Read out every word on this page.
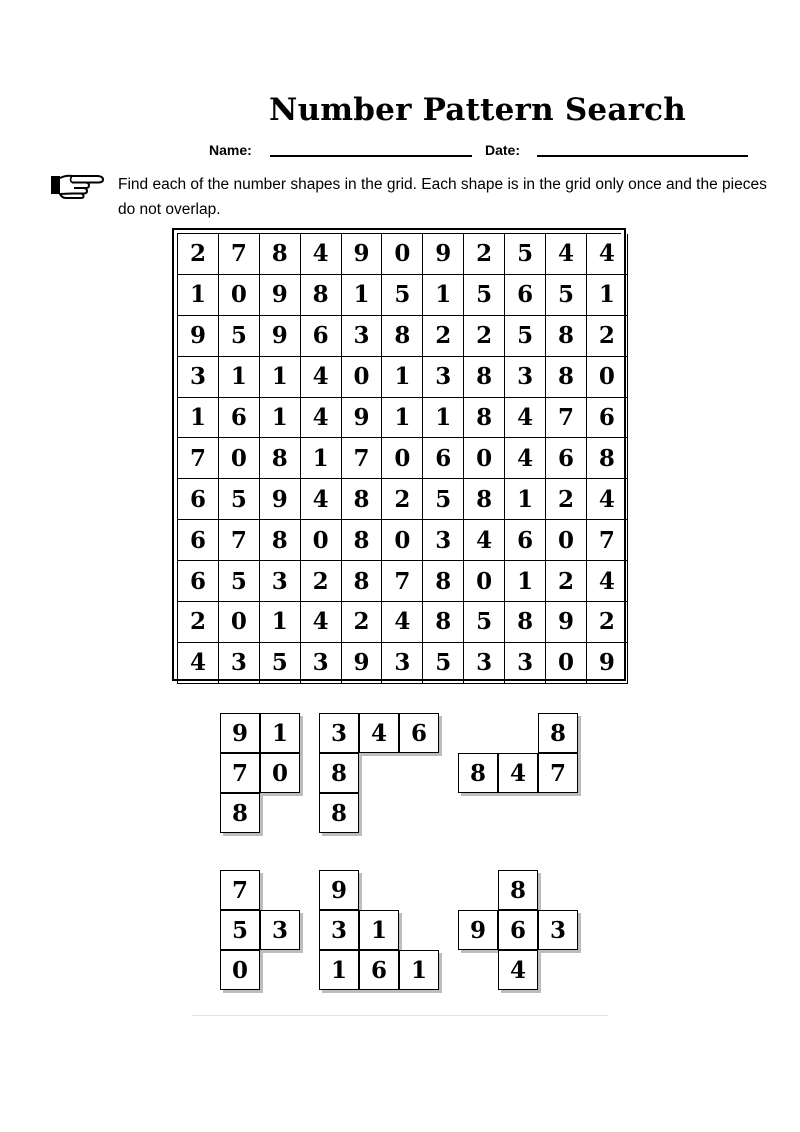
Number Pattern Search
Name:	Date:
Find each of the number shapes in the grid. Each shape is in the grid only once and the pieces do not overlap.
2	7	8	4	9	0	9	2	5	4	4
1	0	9	8	1	5	1	5	6	5	1
9	5	9	6	3	8	2	2	5	8	2
3	1	1	4	0	1	3	8	3	8	0
1	6	1	4	9	1	1	8	4	7	6
7	0	8	1	7	0	6	0	4	6	8
6	5	9	4	8	2	5	8	1	2	4
6	7	8	0	8	0	3	4	6	0	7
6	5	3	2	8	7	8	0	1	2	4
2	0	1	4	2	4	8	5	8	9	2
4	3	5	3	9	3	5	3	3	0	9
9	1
7	0
8
3	4	6
8
8
8
8	4	7
7
5	3
0
9
3	1
1	6	1
8
9	6	3
4
